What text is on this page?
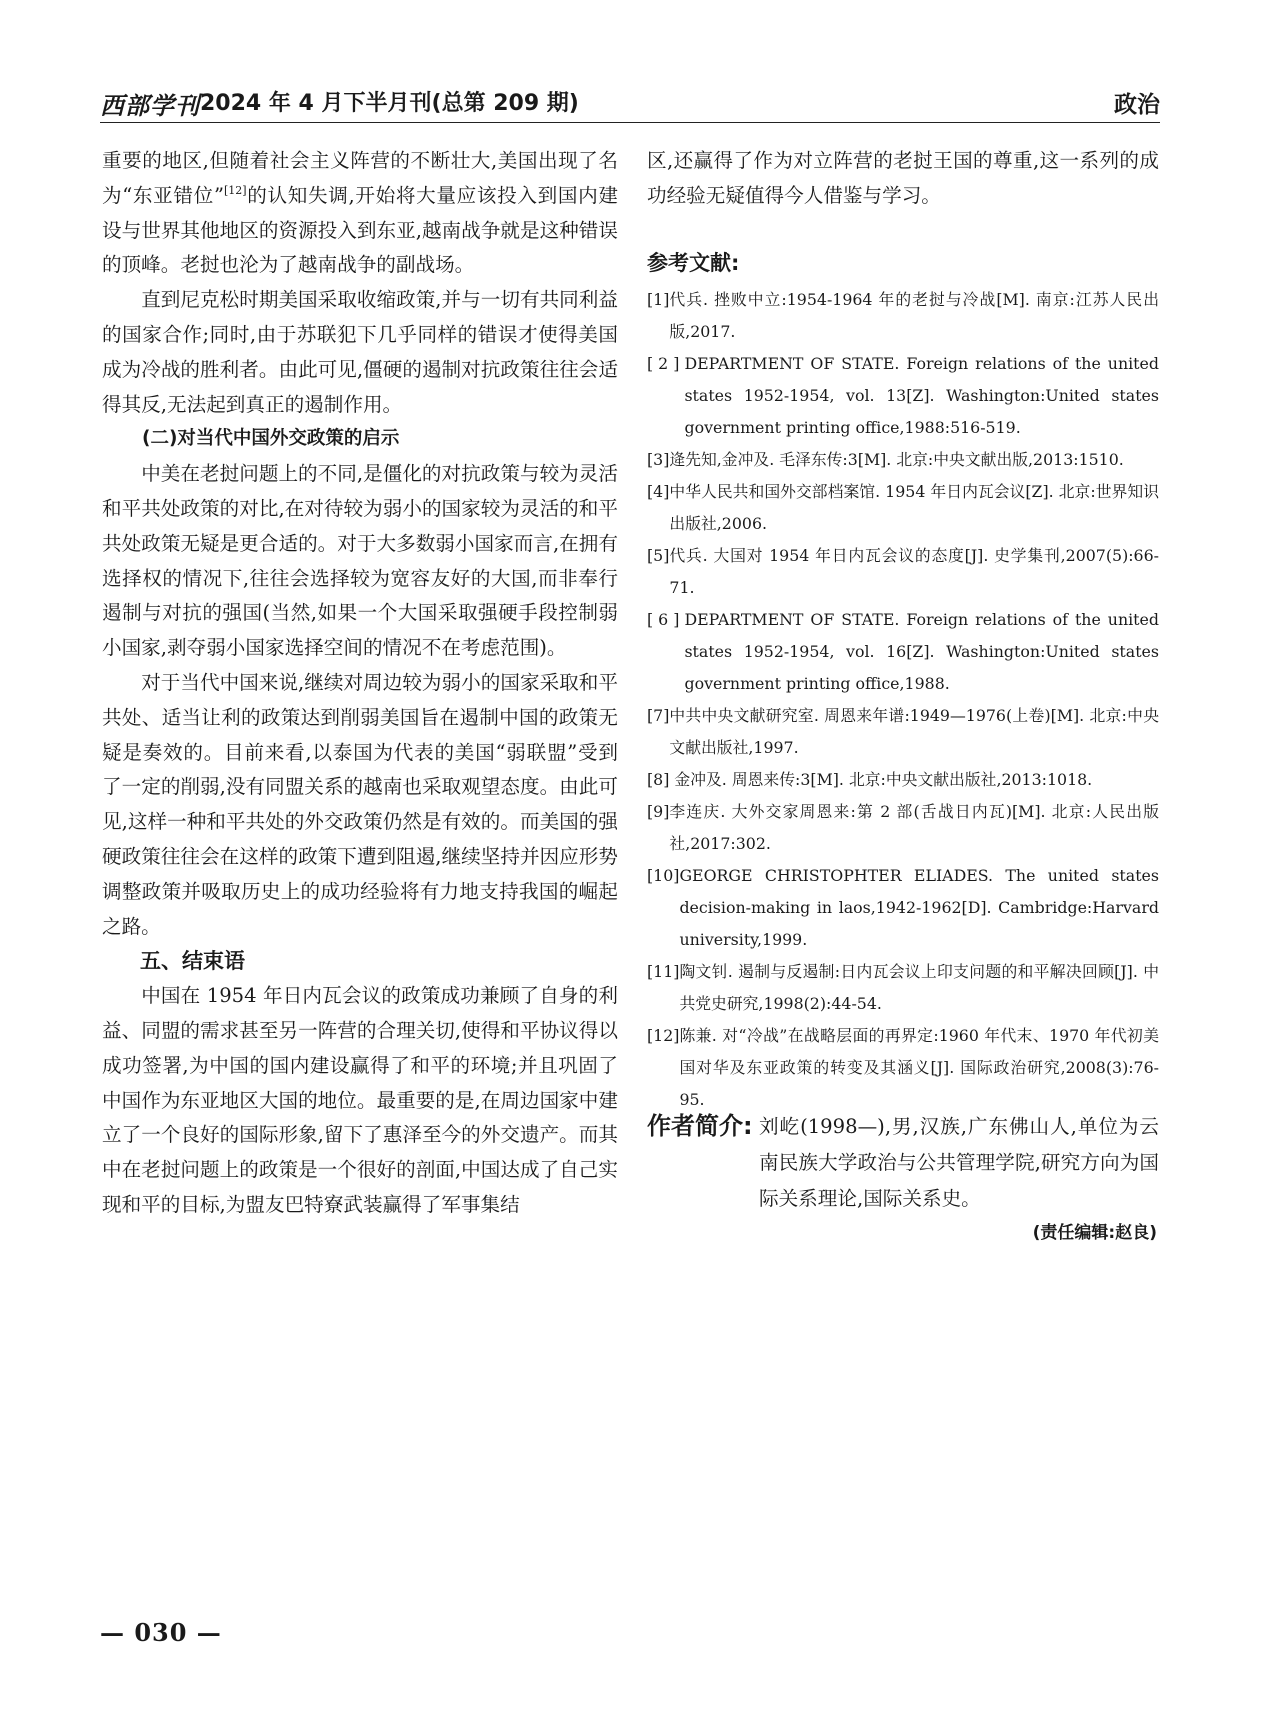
西部学刊 2024 年 4 月下半月刊(总第 209 期)	政治

重要的地区,但随着社会主义阵营的不断壮大,美国出现了名为“东亚错位”[12]的认知失调,开始将大量应该投入到国内建设与世界其他地区的资源投入到东亚,越南战争就是这种错误的顶峰。老挝也沦为了越南战争的副战场。

直到尼克松时期美国采取收缩政策,并与一切有共同利益的国家合作;同时,由于苏联犯下几乎同样的错误才使得美国成为冷战的胜利者。由此可见,僵硬的遏制对抗政策往往会适得其反,无法起到真正的遏制作用。

(二)对当代中国外交政策的启示

中美在老挝问题上的不同,是僵化的对抗政策与较为灵活和平共处政策的对比,在对待较为弱小的国家较为灵活的和平共处政策无疑是更合适的。对于大多数弱小国家而言,在拥有选择权的情况下,往往会选择较为宽容友好的大国,而非奉行遏制与对抗的强国(当然,如果一个大国采取强硬手段控制弱小国家,剥夺弱小国家选择空间的情况不在考虑范围)。

对于当代中国来说,继续对周边较为弱小的国家采取和平共处、适当让利的政策达到削弱美国旨在遏制中国的政策无疑是奏效的。目前来看,以泰国为代表的美国“弱联盟”受到了一定的削弱,没有同盟关系的越南也采取观望态度。由此可见,这样一种和平共处的外交政策仍然是有效的。而美国的强硬政策往往会在这样的政策下遭到阻遏,继续坚持并因应形势调整政策并吸取历史上的成功经验将有力地支持我国的崛起之路。

五、结束语

中国在 1954 年日内瓦会议的政策成功兼顾了自身的利益、同盟的需求甚至另一阵营的合理关切,使得和平协议得以成功签署,为中国的国内建设赢得了和平的环境;并且巩固了中国作为东亚地区大国的地位。最重要的是,在周边国家中建立了一个良好的国际形象,留下了惠泽至今的外交遗产。而其中在老挝问题上的政策是一个很好的剖面,中国达成了自己实现和平的目标,为盟友巴特寮武装赢得了军事集结

区,还赢得了作为对立阵营的老挝王国的尊重,这一系列的成功经验无疑值得今人借鉴与学习。

参考文献:
[1] 代兵. 挫败中立:1954-1964 年的老挝与冷战[M]. 南京:江苏人民出版,2017.
[ 2 ] DEPARTMENT OF STATE. Foreign relations of the united states 1952-1954, vol. 13[Z]. Washington:United states government printing office,1988:516-519.
[3] 逄先知,金冲及. 毛泽东传:3[M]. 北京:中央文献出版,2013:1510.
[4] 中华人民共和国外交部档案馆. 1954 年日内瓦会议[Z]. 北京:世界知识出版社,2006.
[5] 代兵. 大国对 1954 年日内瓦会议的态度[J]. 史学集刊,2007(5):66-71.
[ 6 ] DEPARTMENT OF STATE. Foreign relations of the united states 1952-1954, vol. 16[Z]. Washington:United states government printing office,1988.
[7] 中共中央文献研究室. 周恩来年谱:1949—1976(上卷)[M]. 北京:中央文献出版社,1997.
[8] 金冲及. 周恩来传:3[M]. 北京:中央文献出版社,2013:1018.
[9] 李连庆. 大外交家周恩来:第 2 部(舌战日内瓦)[M]. 北京:人民出版社,2017:302.
[10] GEORGE CHRISTOPHTER ELIADES. The united states decision-making in laos,1942-1962[D]. Cambridge:Harvard university,1999.
[11] 陶文钊. 遏制与反遏制:日内瓦会议上印支问题的和平解决回顾[J]. 中共党史研究,1998(2):44-54.
[12] 陈兼. 对“冷战”在战略层面的再界定:1960 年代末、1970 年代初美国对华及东亚政策的转变及其涵义[J]. 国际政治研究,2008(3):76-95.
作者简介: 刘屹(1998—),男,汉族,广东佛山人,单位为云南民族大学政治与公共管理学院,研究方向为国际关系理论,国际关系史。
(责任编辑:赵良)
— 030 —
